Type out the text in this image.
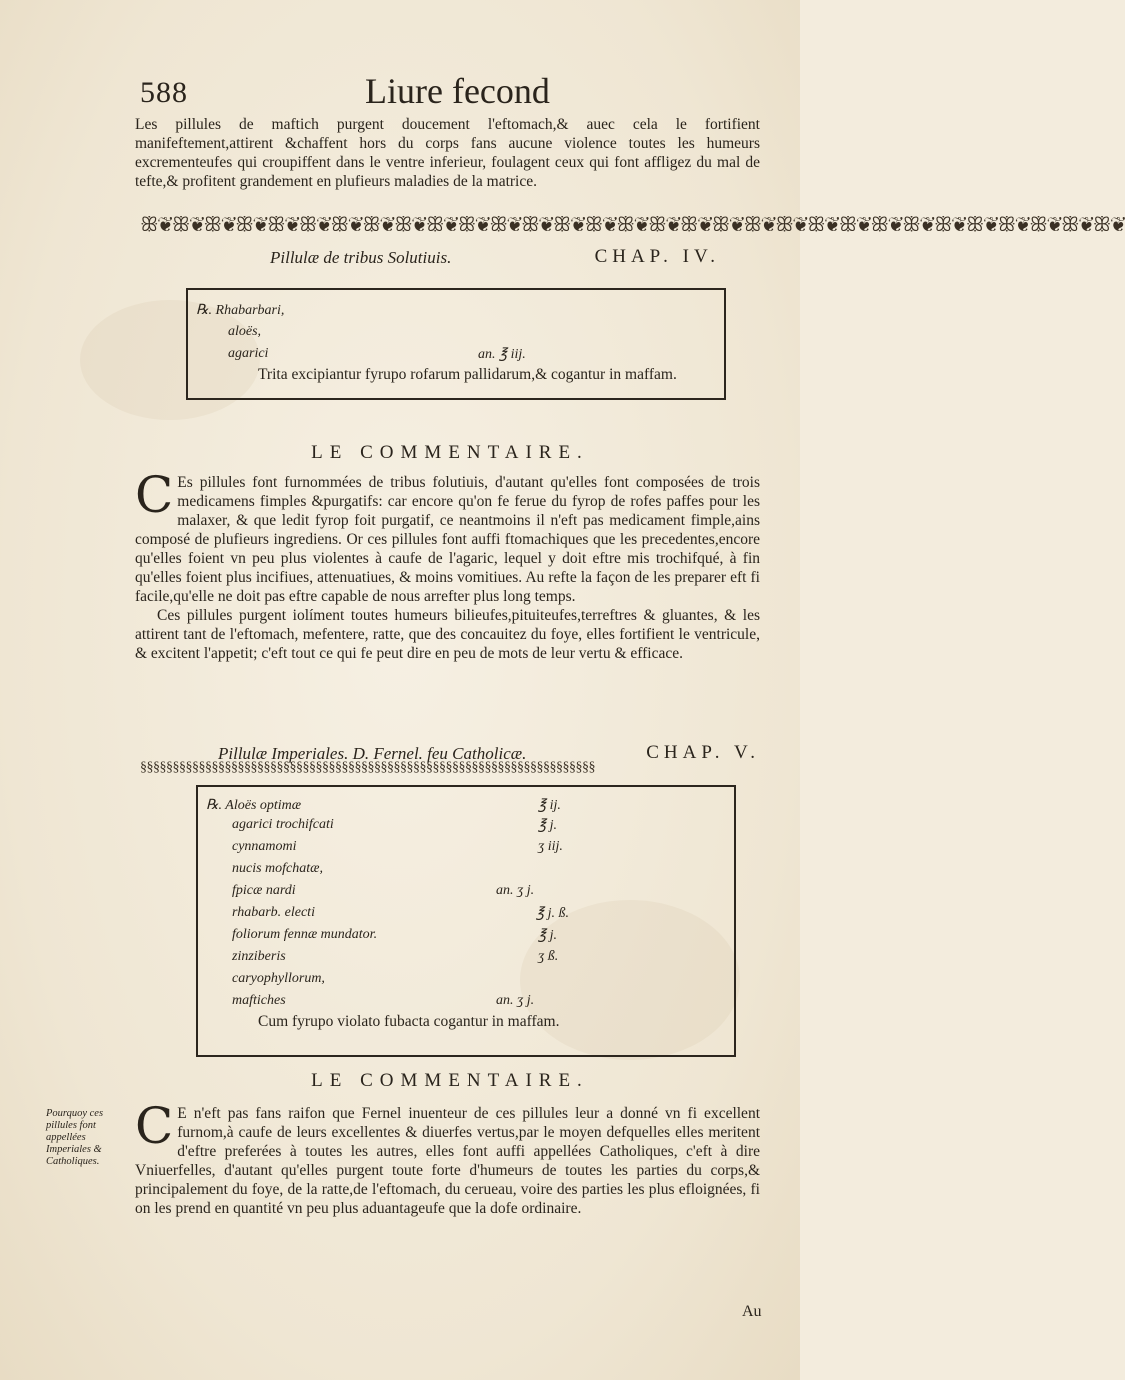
588	Liure fecond

Les pillules de maftich purgent doucement l'eftomach,& auec cela le fortifient manifeftement,attirent &chaffent hors du corps fans aucune violence toutes les humeurs excrementeufes qui croupiffent dans le ventre inferieur, foulagent ceux qui font affligez du mal de tefte,& profitent grandement en plufieurs maladies de la matrice.

ꕥ❦ꕥ❦ꕥ❦ꕥ❦ꕥ❦ꕥ❦ꕥ❦ꕥ❦ꕥ❦ꕥ❦ꕥ❦ꕥ❦ꕥ❦ꕥ❦ꕥ❦ꕥ❦ꕥ❦ꕥ❦ꕥ❦ꕥ❦ꕥ❦ꕥ❦ꕥ❦ꕥ❦ꕥ❦ꕥ❦ꕥ❦ꕥ❦ꕥ❦ꕥ❦ꕥ❦
Pillulæ de tribus Solutiuis.	CHAP. IV.
℞. Rhabarbari,
aloës,
agarici	an. ℥ iij.
Trita excipiantur fyrupo rofarum pallidarum,& cogantur in maffam.
LE COMMENTAIRE.

C Es pillules font furnommées de tribus folutiuis, d'autant qu'elles font composées de trois medicamens fimples &purgatifs: car encore qu'on fe ferue du fyrop de rofes paffes pour les malaxer, & que ledit fyrop foit purgatif, ce neantmoins il n'eft pas medicament fimple,ains composé de plufieurs ingrediens. Or ces pillules font auffi ftomachiques que les precedentes,encore qu'elles foient vn peu plus violentes à caufe de l'agaric, lequel y doit eftre mis trochifqué, à fin qu'elles foient plus incifiues, attenuatiues, & moins vomitiues. Au refte la façon de les preparer eft fi facile,qu'elle ne doit pas eftre capable de nous arrefter plus long temps.

Ces pillules purgent iolíment toutes humeurs bilieufes,pituiteufes,terreftres & gluantes, & les attirent tant de l'eftomach, mefentere, ratte, que des concauitez du foye, elles fortifient le ventricule, & excitent l'appetit; c'eft tout ce qui fe peut dire en peu de mots de leur vertu & efficace.

§§§§§§§§§§§§§§§§§§§§§§§§§§§§§§§§§§§§§§§§§§§§§§§§§§§§§§§§§§§§§§§§§§§§§§
Pillulæ Imperiales. D. Fernel. feu Catholicæ.	CHAP. V.
℞. Aloës optimæ	℥ ij.
agarici trochifcati	℥ j.
cynnamomi	ʒ iij.
nucis mofchatæ,
fpicæ nardi	an. ʒ j.
rhabarb. electi	℥ j. ß.
foliorum fennæ mundator.	℥ j.
zinziberis	ʒ ß.
caryophyllorum,
maftiches	an. ʒ j.
Cum fyrupo violato fubacta cogantur in maffam.
LE COMMENTAIRE.
Pourquoy ces pillules font appellées Imperiales & Catholiques.

C E n'eft pas fans raifon que Fernel inuenteur de ces pillules leur a donné vn fi excellent furnom,à caufe de leurs excellentes & diuerfes vertus,par le moyen defquelles elles meritent d'eftre preferées à toutes les autres, elles font auffi appellées Catholiques, c'eft à dire Vniuerfelles, d'autant qu'elles purgent toute forte d'humeurs de toutes les parties du corps,& principalement du foye, de la ratte,de l'eftomach, du cerueau, voire des parties les plus efloignées, fi on les prend en quantité vn peu plus aduantageufe que la dofe ordinaire.

Au
